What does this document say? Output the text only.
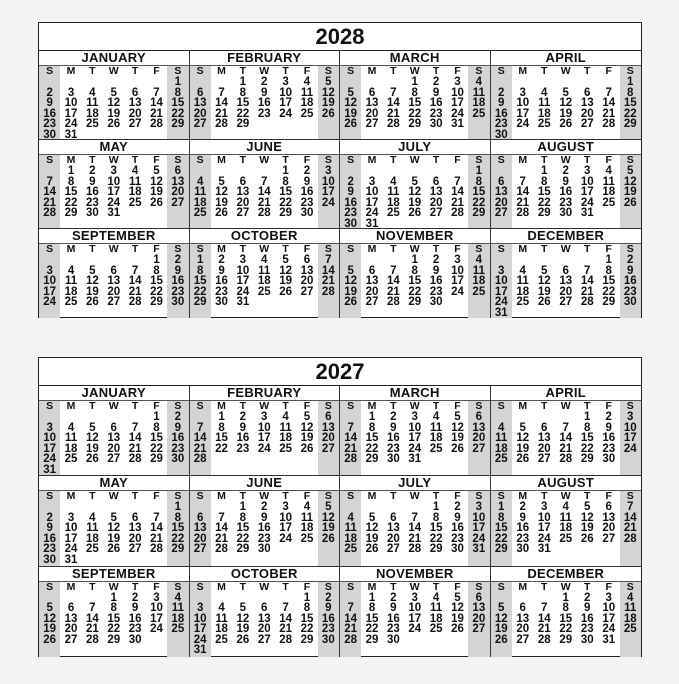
2028
JANUARY
S
2
9
16
23
30
M
3
10
17
24
31
T
4
11
18
25
W
5
12
19
26
T
6
13
20
27
F
7
14
21
28
S
1
8
15
22
29
FEBRUARY
S
6
13
20
27
M
7
14
21
28
T
1
8
15
22
29
W
2
9
16
23
T
3
10
17
24
F
4
11
18
25
S
5
12
19
26
MARCH
S
5
12
19
26
M
6
13
20
27
T
7
14
21
28
W
1
8
15
22
29
T
2
9
16
23
30
F
3
10
17
24
31
S
4
11
18
25
APRIL
S
2
9
16
23
30
M
3
10
17
24
T
4
11
18
25
W
5
12
19
26
T
6
13
20
27
F
7
14
21
28
S
1
8
15
22
29
MAY
S
7
14
21
28
M
1
8
15
22
29
T
2
9
16
23
30
W
3
10
17
24
31
T
4
11
18
25
F
5
12
19
26
S
6
13
20
27
JUNE
S
4
11
18
25
M
5
12
19
26
T
6
13
20
27
W
7
14
21
28
T
1
8
15
22
29
F
2
9
16
23
30
S
3
10
17
24
JULY
S
2
9
16
23
30
M
3
10
17
24
31
T
4
11
18
25
W
5
12
19
26
T
6
13
20
27
F
7
14
21
28
S
1
8
15
22
29
AUGUST
S
6
13
20
27
M
7
14
21
28
T
1
8
15
22
29
W
2
9
16
23
30
T
3
10
17
24
31
F
4
11
18
25
S
5
12
19
26
SEPTEMBER
S
3
10
17
24
M
4
11
18
25
T
5
12
19
26
W
6
13
20
27
T
7
14
21
28
F
1
8
15
22
29
S
2
9
16
23
30
OCTOBER
S
1
8
15
22
29
M
2
9
16
23
30
T
3
10
17
24
31
W
4
11
18
25
T
5
12
19
26
F
6
13
20
27
S
7
14
21
28
NOVEMBER
S
5
12
19
26
M
6
13
20
27
T
7
14
21
28
W
1
8
15
22
29
T
2
9
16
23
30
F
3
10
17
24
S
4
11
18
25
DECEMBER
S
3
10
17
24
31
M
4
11
18
25
T
5
12
19
26
W
6
13
20
27
T
7
14
21
28
F
1
8
15
22
29
S
2
9
16
23
30
2027
JANUARY
S
3
10
17
24
31
M
4
11
18
25
T
5
12
19
26
W
6
13
20
27
T
7
14
21
28
F
1
8
15
22
29
S
2
9
16
23
30
FEBRUARY
S
7
14
21
28
M
1
8
15
22
T
2
9
16
23
W
3
10
17
24
T
4
11
18
25
F
5
12
19
26
S
6
13
20
27
MARCH
S
7
14
21
28
M
1
8
15
22
29
T
2
9
16
23
30
W
3
10
17
24
31
T
4
11
18
25
F
5
12
19
26
S
6
13
20
27
APRIL
S
4
11
18
25
M
5
12
19
26
T
6
13
20
27
W
7
14
21
28
T
1
8
15
22
29
F
2
9
16
23
30
S
3
10
17
24
MAY
S
2
9
16
23
30
M
3
10
17
24
31
T
4
11
18
25
W
5
12
19
26
T
6
13
20
27
F
7
14
21
28
S
1
8
15
22
29
JUNE
S
6
13
20
27
M
7
14
21
28
T
1
8
15
22
29
W
2
9
16
23
30
T
3
10
17
24
F
4
11
18
25
S
5
12
19
26
JULY
S
4
11
18
25
M
5
12
19
26
T
6
13
20
27
W
7
14
21
28
T
1
8
15
22
29
F
2
9
16
23
30
S
3
10
17
24
31
AUGUST
S
1
8
15
22
29
M
2
9
16
23
30
T
3
10
17
24
31
W
4
11
18
25
T
5
12
19
26
F
6
13
20
27
S
7
14
21
28
SEPTEMBER
S
5
12
19
26
M
6
13
20
27
T
7
14
21
28
W
1
8
15
22
29
T
2
9
16
23
30
F
3
10
17
24
S
4
11
18
25
OCTOBER
S
3
10
17
24
31
M
4
11
18
25
T
5
12
19
26
W
6
13
20
27
T
7
14
21
28
F
1
8
15
22
29
S
2
9
16
23
30
NOVEMBER
S
7
14
21
28
M
1
8
15
22
29
T
2
9
16
23
30
W
3
10
17
24
T
4
11
18
25
F
5
12
19
26
S
6
13
20
27
DECEMBER
S
5
12
19
26
M
6
13
20
27
T
7
14
21
28
W
1
8
15
22
29
T
2
9
16
23
30
F
3
10
17
24
31
S
4
11
18
25
